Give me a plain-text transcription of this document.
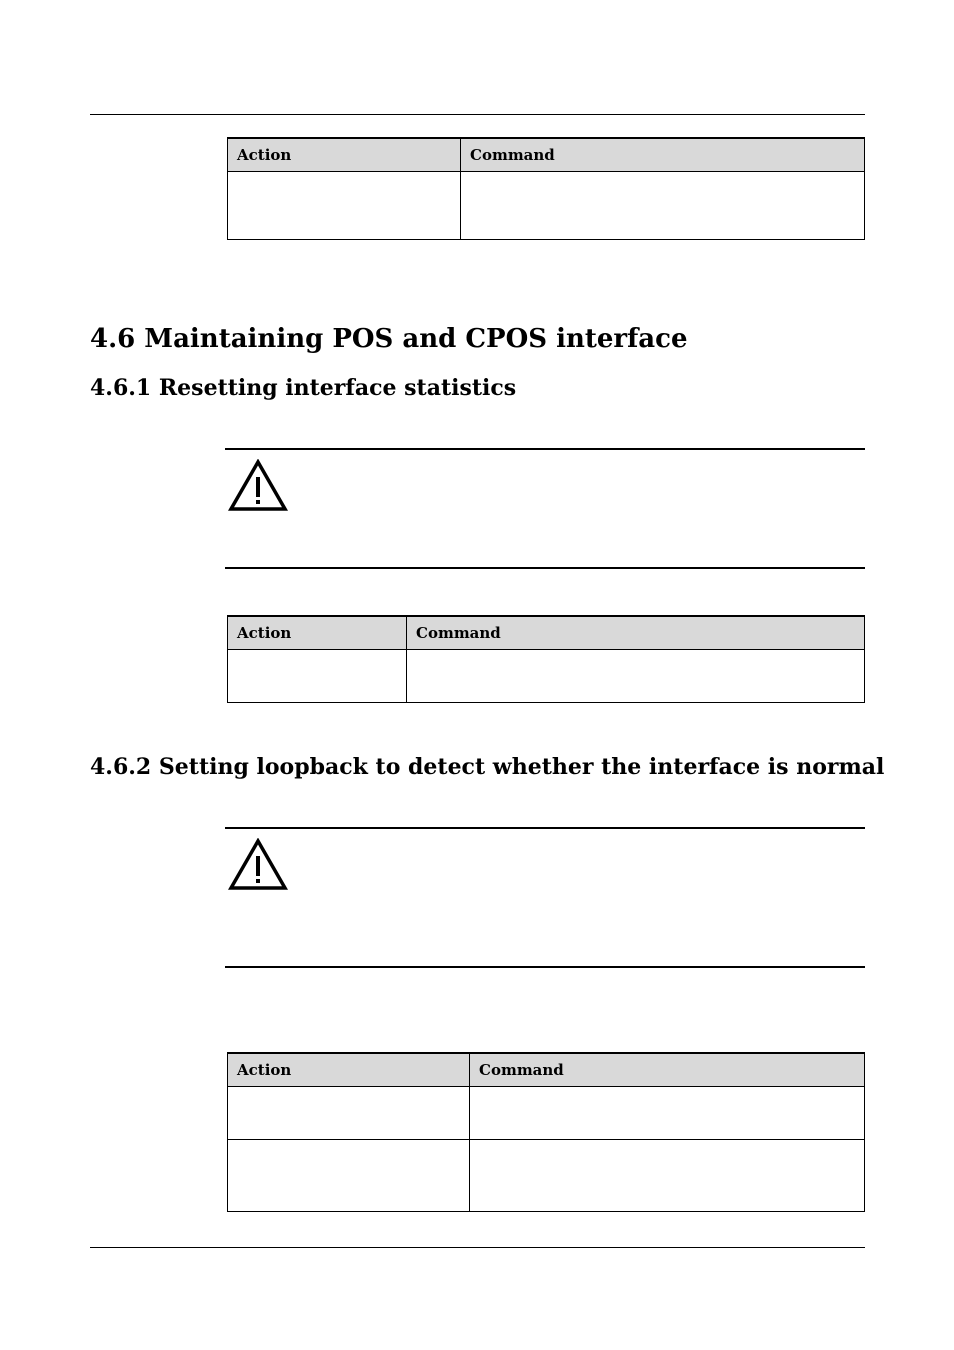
Action	Command

4.6 Maintaining POS and CPOS interface
4.6.1 Resetting interface statistics
Action	Command

4.6.2 Setting loopback to detect whether the interface is normal
Action	Command
